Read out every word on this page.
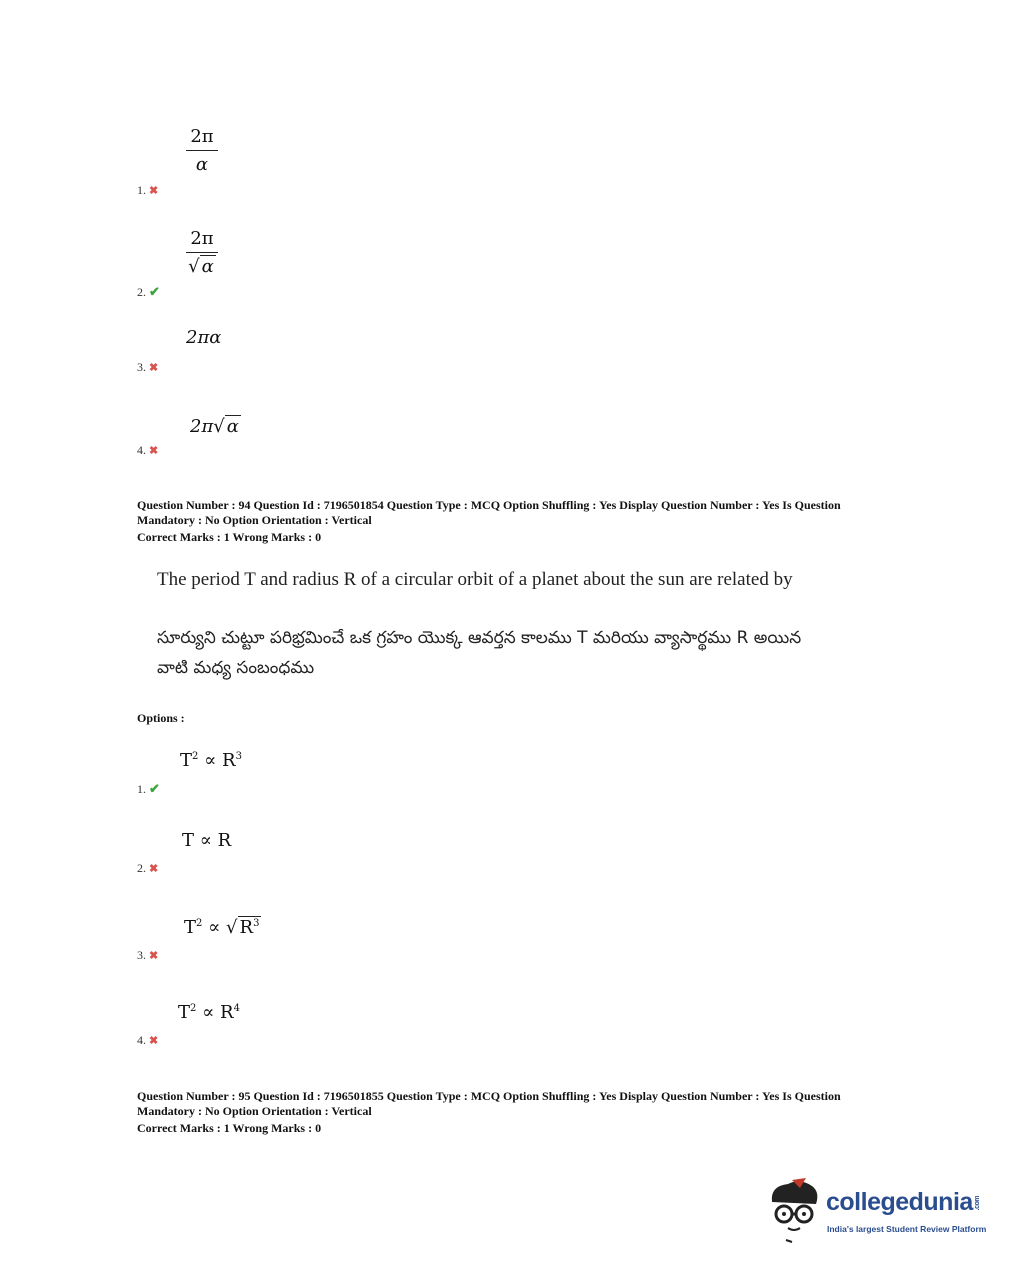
$\frac{2\pi}{\alpha}$
1. ✖
$\frac{2\pi}{√ \alpha}$
2. ✔
2πα
3. ✖
2π√ α
4. ✖
Question Number : 94 Question Id : 7196501854 Question Type : MCQ Option Shuffling : Yes Display Question Number : Yes Is Question
Mandatory : No Option Orientation : Vertical
Correct Marks : 1 Wrong Marks : 0
The period T and radius R of a circular orbit of a planet about the sun are related by
సూర్యుని చుట్టూ పరిభ్రమించే ఒక గ్రహం యొక్క ఆవర్తన కాలము T మరియు వ్యాసార్థము R అయిన
వాటి మధ్య సంబంధము
Options :
$T^2 \propto R^3$
1. ✔
T ∝ R
2. ✖
$T^2$ ∝ √ $R^3$
3. ✖
$T^2 \propto R^4$
4. ✖
Question Number : 95 Question Id : 7196501855 Question Type : MCQ Option Shuffling : Yes Display Question Number : Yes Is Question
Mandatory : No Option Orientation : Vertical
Correct Marks : 1 Wrong Marks : 0
collegedunia.com
India's largest Student Review Platform
